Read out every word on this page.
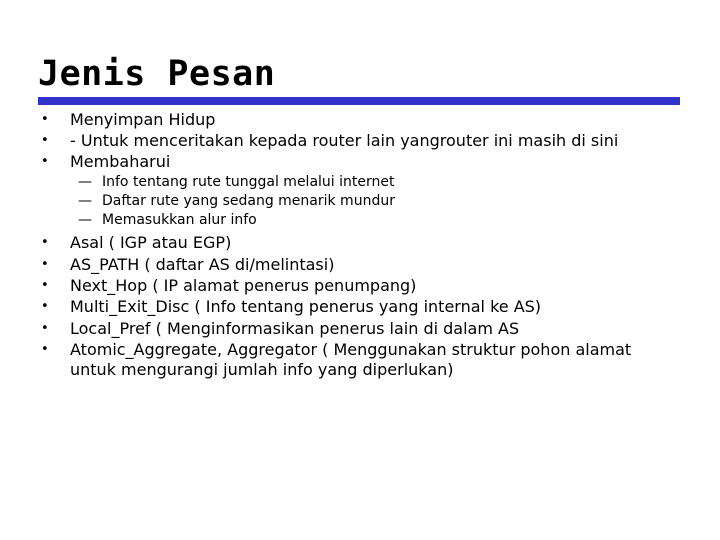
Jenis Pesan
• Menyimpan Hidup
• - Untuk menceritakan kepada router lain yangrouter ini masih di sini
• Membaharui
— Info tentang rute tunggal melalui internet
— Daftar rute yang sedang menarik mundur
— Memasukkan alur info
• Asal ( IGP atau EGP)
• AS_PATH ( daftar AS di/melintasi)
• Next_Hop ( IP alamat penerus penumpang)
• Multi_Exit_Disc ( Info tentang penerus yang internal ke AS)
• Local_Pref ( Menginformasikan penerus lain di dalam AS
• Atomic_Aggregate, Aggregator ( Menggunakan struktur pohon alamat
untuk mengurangi jumlah info yang diperlukan)
